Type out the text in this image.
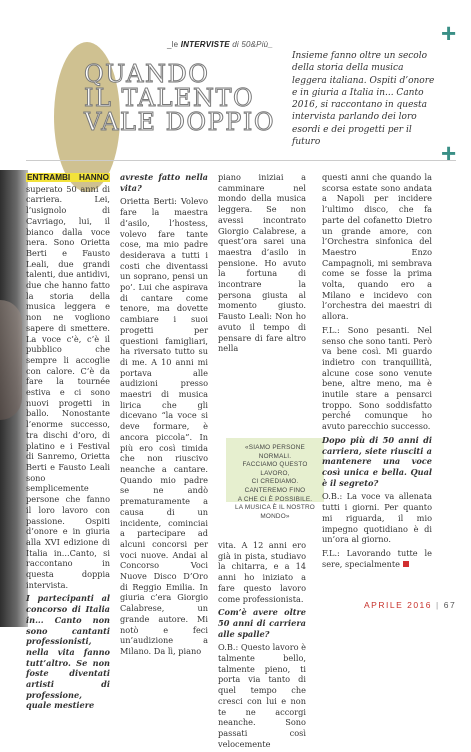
_le INTERVISTE di 50&Più_
QUANDO
IL TALENTO
VALE DOPPIO
+
+
Insieme fanno oltre un secolo della storia della musica leggera italiana. Ospiti d’onore e in giuria a Italia in... Canto 2016, si raccontano in questa intervista parlando dei loro esordi e dei progetti per il futuro

ENTRAMBI HANNO superato 50 anni di carriera. Lei, l’usignolo di Cavriago, lui, il bianco dalla voce nera. Sono Orietta Berti e Fausto Leali, due grandi talenti, due antidivi, due che hanno fatto la storia della musica leggera e non ne vogliono sapere di smettere. La voce c’è, c’è il pubblico che sempre li accoglie con calore. C’è da fare la tournée estiva e ci sono nuovi progetti in ballo. Nonostante l’enorme successo, tra dischi d’oro, di platino e i Festival di Sanremo, Orietta Berti e Fausto Leali sono semplicemente persone che fanno il loro lavoro con passione. Ospiti d’onore e in giuria alla XVI edizione di Italia in...Canto, si raccontano in questa doppia intervista.

I partecipanti al concorso di Italia in... Canto non sono cantanti professionisti, nella vita fanno tutt’altro. Se non foste diventati artisti di professione, quale mestiere

avreste fatto nella vita?

Orietta Berti: Volevo fare la maestra d’asilo, l’hostess, volevo fare tante cose, ma mio padre desiderava a tutti i costi che diventassi un soprano, pensi un po’. Lui che aspirava di cantare come tenore, ma dovette cambiare i suoi progetti per questioni famigliari, ha riversato tutto su di me. A 10 anni mi portava alle audizioni presso maestri di musica lirica che gli dicevano “la voce si deve formare, è ancora piccola”. In più ero così timida che non riuscivo neanche a cantare. Quando mio padre se ne andò prematuramente a causa di un incidente, cominciai a partecipare ad alcuni concorsi per voci nuove. Andai al Concorso Voci Nuove Disco D’Oro di Reggio Emilia. In giuria c’era Giorgio Calabrese, un grande autore. Mi notò e feci un’audizione a Milano. Da lì, piano

piano iniziai a camminare nel mondo della musica leggera. Se non avessi incontrato Giorgio Calabrese, a quest’ora sarei una maestra d’asilo in pensione. Ho avuto la fortuna di incontrare la persona giusta al momento giusto. Fausto Leali: Non ho avuto il tempo di pensare di fare altro nella

«SIAMO PERSONE NORMALI.
FACCIAMO QUESTO LAVORO,
CI CREDIAMO. CANTEREMO FINO
A CHE CI È POSSIBILE.
LA MUSICA È IL NOSTRO MONDO»

vita. A 12 anni ero già in pista, studiavo la chitarra, e a 14 anni ho iniziato a fare questo lavoro come professionista.

Com’è avere oltre 50 anni di carriera alle spalle?

O.B.: Questo lavoro è talmente bello, talmente pieno, ti porta via tanto di quel tempo che cresci con lui e non te ne accorgi neanche. Sono passati così velocemente

questi anni che quando la scorsa estate sono andata a Napoli per incidere l’ultimo disco, che fa parte del cofanetto Dietro un grande amore, con l’Orchestra sinfonica del Maestro Enzo Campagnoli, mi sembrava come se fosse la prima volta, quando ero a Milano e incidevo con l’orchestra dei maestri di allora.

F.L.: Sono pesanti. Nel senso che sono tanti. Però va bene così. Mi guardo indietro con tranquillità, alcune cose sono venute bene, altre meno, ma è inutile stare a pensarci troppo. Sono soddisfatto perché comunque ho avuto parecchio successo.

Dopo più di 50 anni di carriera, siete riusciti a mantenere una voce così unica e bella. Qual è il segreto?

O.B.: La voce va allenata tutti i giorni. Per quanto mi riguarda, il mio impegno quotidiano è di un’ora al giorno.

F.L.: Lavorando tutte le sere, specialmente

APRILE 2016 | 67
